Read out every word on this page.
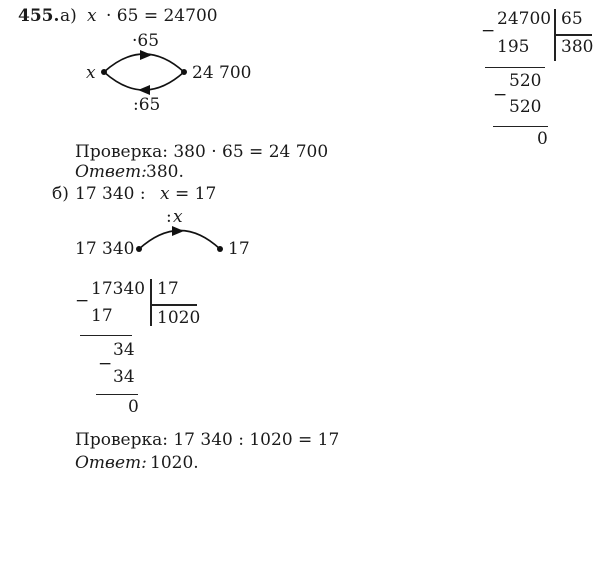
455. а) x · 65 = 24700
·65
x	24 700
:65
−
24700 65
380
195
520
−
520
0
Проверка: 380 · 65 = 24 700
Ответ: 380.
б) 17 340 : x = 17
: x
17 340	17
−
17340 17
1020
17
34
−
34
0
Проверка: 17 340 : 1020 = 17
Ответ: 1020.
